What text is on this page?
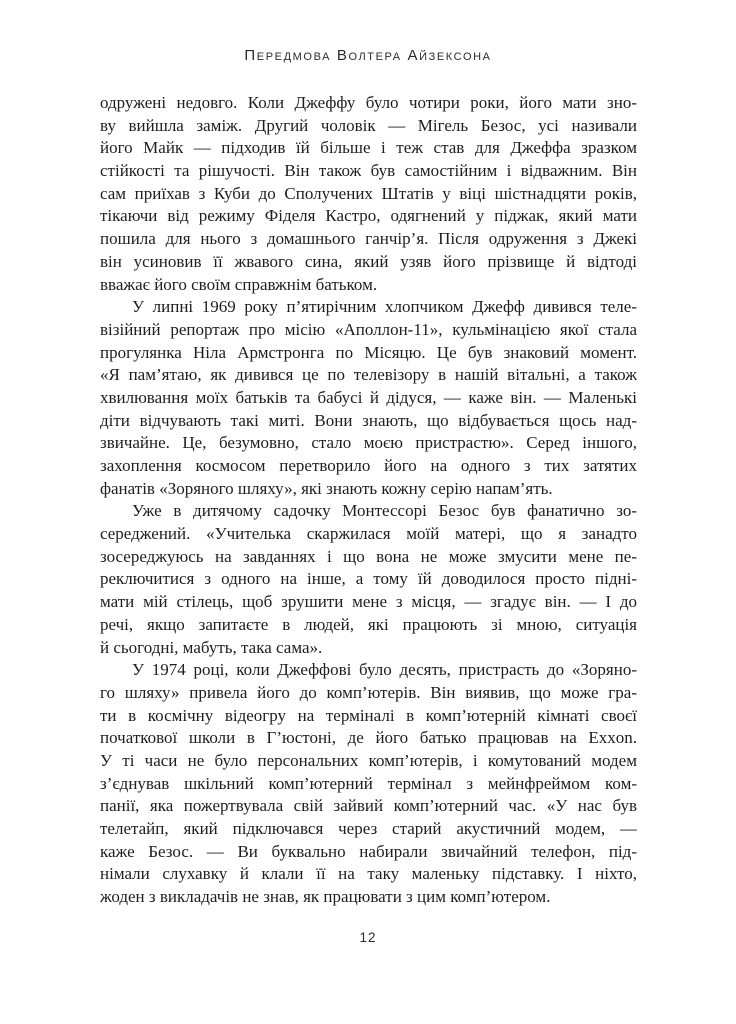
Передмова Волтера Айзексона
одружені недовго. Коли Джеффу було чотири роки, його мати зно-
ву вийшла заміж. Другий чоловік — Мігель Безос, усі називали
його Майк — підходив їй більше і теж став для Джеффа зразком
стійкості та рішучості. Він також був самостійним і відважним. Він
сам приїхав з Куби до Сполучених Штатів у віці шістнадцяти років,
тікаючи від режиму Фіделя Кастро, одягнений у піджак, який мати
пошила для нього з домашнього ганчір’я. Після одруження з Джекі
він усиновив її жвавого сина, який узяв його прізвище й відтоді
вважає його своїм справжнім батьком.
У липні 1969 року п’ятирічним хлопчиком Джефф дивився теле-
візійний репортаж про місію «Аполлон-11», кульмінацією якої стала
прогулянка Ніла Армстронга по Місяцю. Це був знаковий момент.
«Я пам’ятаю, як дивився це по телевізору в нашій вітальні, а також
хвилювання моїх батьків та бабусі й дідуся, — каже він. — Маленькі
діти відчувають такі миті. Вони знають, що відбувається щось над-
звичайне. Це, безумовно, стало моєю пристрастю». Серед іншого,
захоплення космосом перетворило його на одного з тих затятих
фанатів «Зоряного шляху», які знають кожну серію напам’ять.
Уже в дитячому садочку Монтессорі Безос був фанатично зо-
середжений. «Учителька скаржилася моїй матері, що я занадто
зосереджуюсь на завданнях і що вона не може змусити мене пе-
реключитися з одного на інше, а тому їй доводилося просто підні-
мати мій стілець, щоб зрушити мене з місця, — згадує він. — І до
речі, якщо запитаєте в людей, які працюють зі мною, ситуація
й сьогодні, мабуть, така сама».
У 1974 році, коли Джеффові було десять, пристрасть до «Зоряно-
го шляху» привела його до комп’ютерів. Він виявив, що може гра-
ти в космічну відеогру на терміналі в комп’ютерній кімнаті своєї
початкової школи в Г’юстоні, де його батько працював на Exxon.
У ті часи не було персональних комп’ютерів, і комутований модем
з’єднував шкільний комп’ютерний термінал з мейнфреймом ком-
панії, яка пожертвувала свій зайвий комп’ютерний час. «У нас був
телетайп, який підключався через старий акустичний модем, —
каже Безос. — Ви буквально набирали звичайний телефон, під-
німали слухавку й клали її на таку маленьку підставку. І ніхто,
жоден з викладачів не знав, як працювати з цим комп’ютером.
12
